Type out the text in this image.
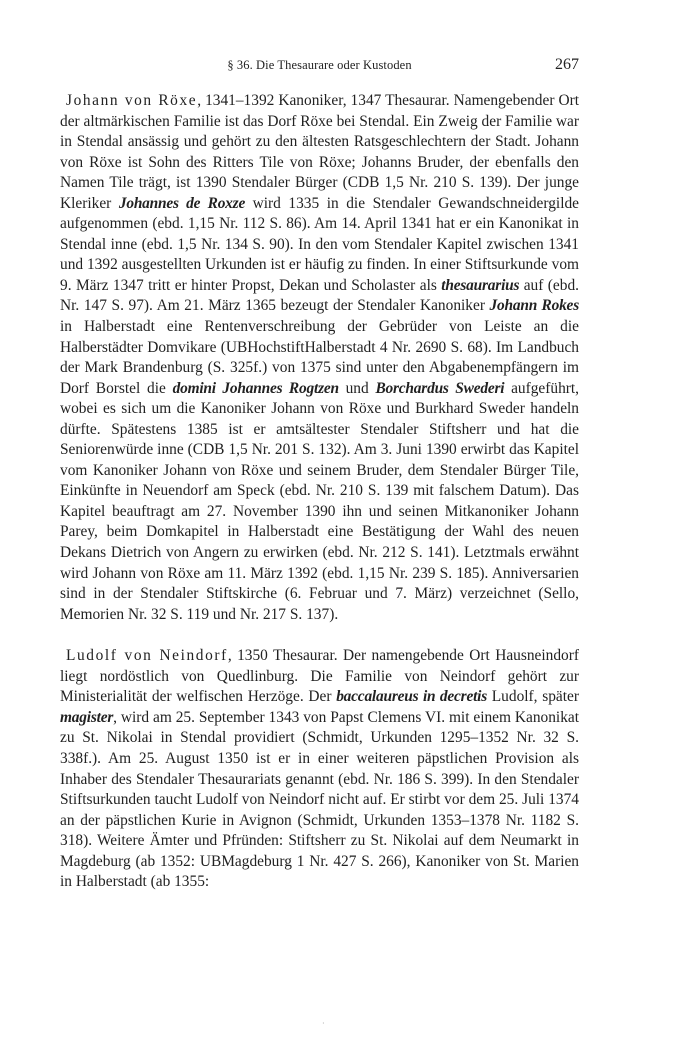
§ 36. Die Thesaurare oder Kustoden	267

Johann von Röxe, 1341–1392 Kanoniker, 1347 Thesaurar. Namengebender Ort der altmärkischen Familie ist das Dorf Röxe bei Stendal. Ein Zweig der Familie war in Stendal ansässig und gehört zu den ältesten Ratsgeschlechtern der Stadt. Johann von Röxe ist Sohn des Ritters Tile von Röxe; Johanns Bruder, der ebenfalls den Namen Tile trägt, ist 1390 Stendaler Bürger (CDB 1,5 Nr. 210 S. 139). Der junge Kleriker Johannes de Roxze wird 1335 in die Stendaler Gewandschneidergilde aufgenommen (ebd. 1,15 Nr. 112 S. 86). Am 14. April 1341 hat er ein Kanonikat in Stendal inne (ebd. 1,5 Nr. 134 S. 90). In den vom Stendaler Kapitel zwischen 1341 und 1392 ausgestellten Urkunden ist er häufig zu finden. In einer Stiftsurkunde vom 9. März 1347 tritt er hinter Propst, Dekan und Scholaster als thesaurarius auf (ebd. Nr. 147 S. 97). Am 21. März 1365 bezeugt der Stendaler Kanoniker Johann Rokes in Halberstadt eine Rentenverschreibung der Gebrüder von Leiste an die Halberstädter Domvikare (UBHochstiftHalberstadt 4 Nr. 2690 S. 68). Im Landbuch der Mark Brandenburg (S. 325f.) von 1375 sind unter den Abgabenempfängern im Dorf Borstel die domini Johannes Rogtzen und Borchardus Swederi aufgeführt, wobei es sich um die Kanoniker Johann von Röxe und Burkhard Sweder handeln dürfte. Spätestens 1385 ist er amtsältester Stendaler Stiftsherr und hat die Seniorenwürde inne (CDB 1,5 Nr. 201 S. 132). Am 3. Juni 1390 erwirbt das Kapitel vom Kanoniker Johann von Röxe und seinem Bruder, dem Stendaler Bürger Tile, Einkünfte in Neuendorf am Speck (ebd. Nr. 210 S. 139 mit falschem Datum). Das Kapitel beauftragt am 27. November 1390 ihn und seinen Mitkanoniker Johann Parey, beim Domkapitel in Halberstadt eine Bestätigung der Wahl des neuen Dekans Dietrich von Angern zu erwirken (ebd. Nr. 212 S. 141). Letztmals erwähnt wird Johann von Röxe am 11. März 1392 (ebd. 1,15 Nr. 239 S. 185). Anniversarien sind in der Stendaler Stiftskirche (6. Februar und 7. März) verzeichnet (Sello, Memorien Nr. 32 S. 119 und Nr. 217 S. 137).

Ludolf von Neindorf, 1350 Thesaurar. Der namengebende Ort Hausneindorf liegt nordöstlich von Quedlinburg. Die Familie von Neindorf gehört zur Ministerialität der welfischen Herzöge. Der baccalaureus in decretis Ludolf, später magister, wird am 25. September 1343 von Papst Clemens VI. mit einem Kanonikat zu St. Nikolai in Stendal providiert (Schmidt, Urkunden 1295–1352 Nr. 32 S. 338f.). Am 25. August 1350 ist er in einer weiteren päpstlichen Provision als Inhaber des Stendaler Thesaurariats genannt (ebd. Nr. 186 S. 399). In den Stendaler Stiftsurkunden taucht Ludolf von Neindorf nicht auf. Er stirbt vor dem 25. Juli 1374 an der päpstlichen Kurie in Avignon (Schmidt, Urkunden 1353–1378 Nr. 1182 S. 318). Weitere Ämter und Pfründen: Stiftsherr zu St. Nikolai auf dem Neumarkt in Magdeburg (ab 1352: UBMagdeburg 1 Nr. 427 S. 266), Kanoniker von St. Marien in Halberstadt (ab 1355:

·
